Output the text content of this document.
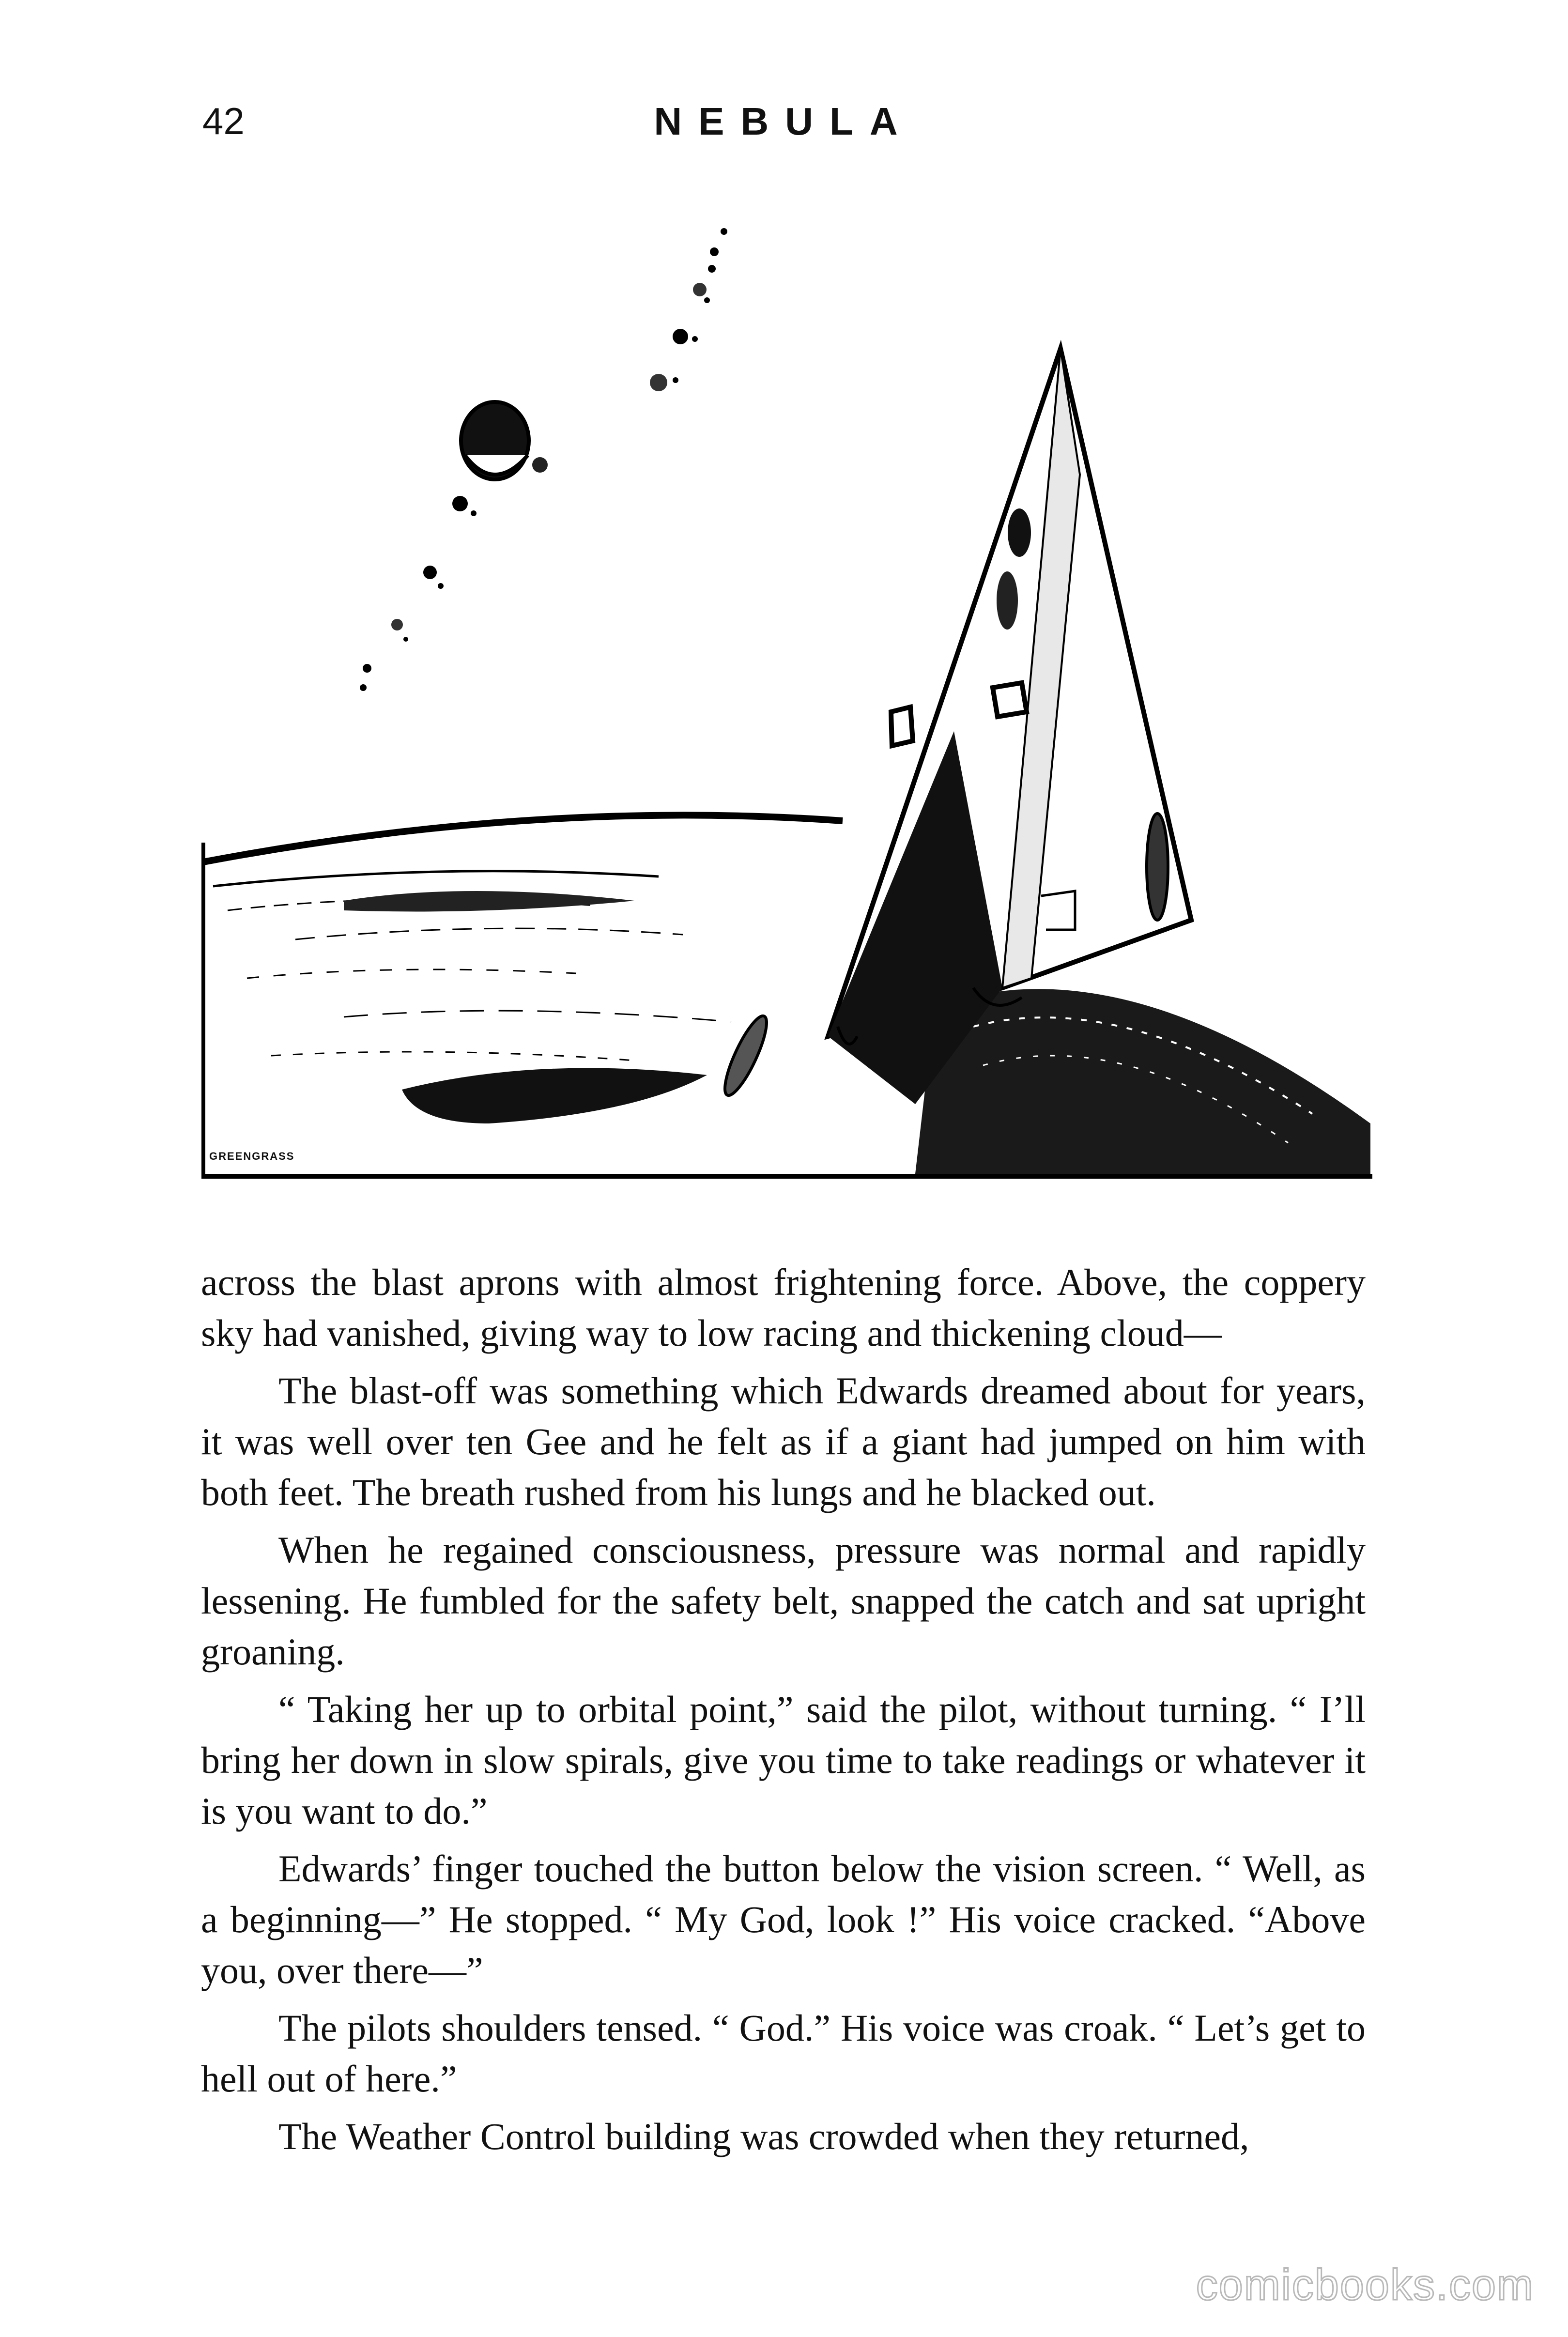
42	NEBULA
GREENGRASS

across the blast aprons with almost frightening force. Above, the coppery sky had vanished, giving way to low racing and thickening cloud—

The blast-off was something which Edwards dreamed about for years, it was well over ten Gee and he felt as if a giant had jumped on him with both feet. The breath rushed from his lungs and he blacked out.

When he regained consciousness, pressure was normal and rapidly lessening. He fumbled for the safety belt, snapped the catch and sat upright groaning.

“ Taking her up to orbital point,” said the pilot, without turning. “ I’ll bring her down in slow spirals, give you time to take readings or whatever it is you want to do.”

Edwards’ finger touched the button below the vision screen. “ Well, as a beginning—” He stopped. “ My God, look !” His voice cracked. “Above you, over there—”

The pilots shoulders tensed. “ God.” His voice was croak. “ Let’s get to hell out of here.”

The Weather Control building was crowded when they returned,

comicbooks.com
